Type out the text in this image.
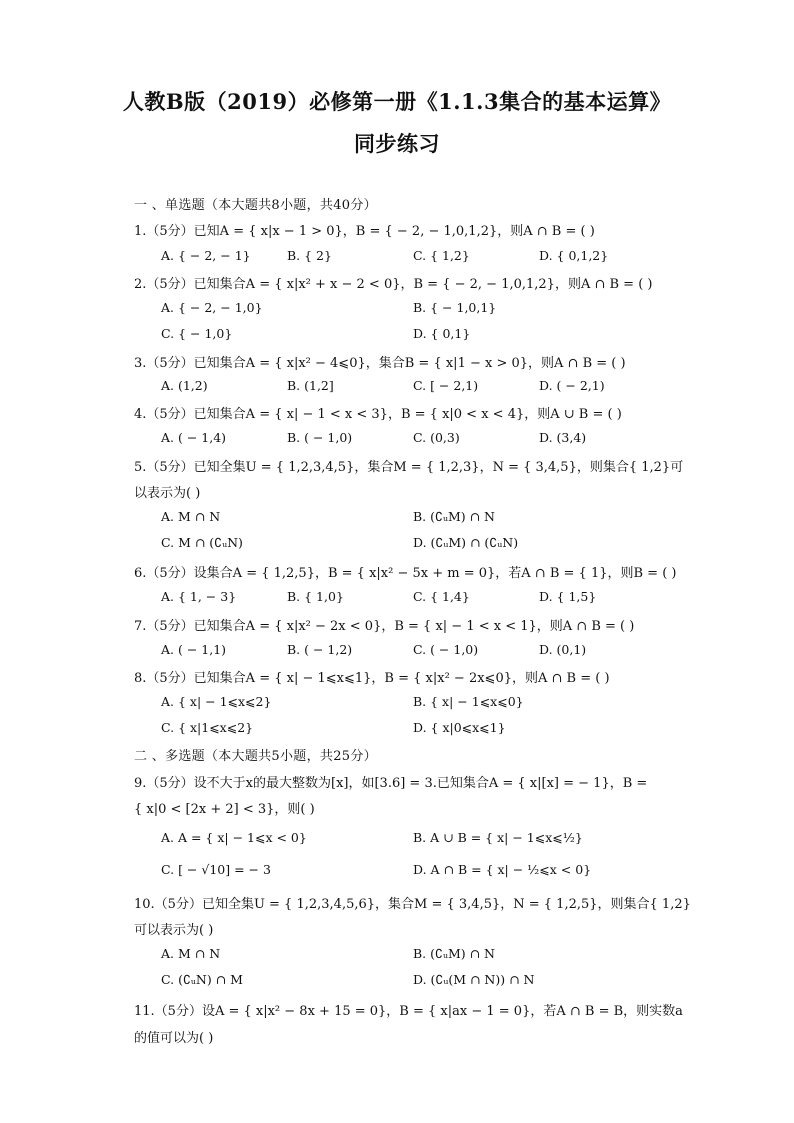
人教B版（2019）必修第一册《1.1.3集合的基本运算》
同步练习
一 、单选题（本大题共8小题，共40分）
1.（5分）已知A = { x|x − 1 > 0}，B = { − 2, − 1,0,1,2}，则A ∩ B = ( )
A. { − 2, − 1}	B. { 2}	C. { 1,2}	D. { 0,1,2}
2.（5分）已知集合A = { x|x² + x − 2 < 0}，B = { − 2, − 1,0,1,2}，则A ∩ B = ( )
A. { − 2, − 1,0}	B. { − 1,0,1}
C. { − 1,0}	D. { 0,1}
3.（5分）已知集合A = { x|x² − 4⩽0}，集合B = { x|1 − x > 0}，则A ∩ B = ( )
A. (1,2)	B. (1,2]	C. [ − 2,1)	D. ( − 2,1)
4.（5分）已知集合A = { x| − 1 < x < 3}，B = { x|0 < x < 4}，则A ∪ B = ( )
A. ( − 1,4)	B. ( − 1,0)	C. (0,3)	D. (3,4)
5.（5分）已知全集U = { 1,2,3,4,5}，集合M = { 1,2,3}，N = { 3,4,5}，则集合{ 1,2}可
以表示为( )
A. M ∩ N	B. (∁ᵤM) ∩ N
C. M ∩ (∁ᵤN)	D. (∁ᵤM) ∩ (∁ᵤN)
6.（5分）设集合A = { 1,2,5}，B = { x|x² − 5x + m = 0}，若A ∩ B = { 1}，则B = ( )
A. { 1, − 3}	B. { 1,0}	C. { 1,4}	D. { 1,5}
7.（5分）已知集合A = { x|x² − 2x < 0}，B = { x| − 1 < x < 1}，则A ∩ B = ( )
A. ( − 1,1)	B. ( − 1,2)	C. ( − 1,0)	D. (0,1)
8.（5分）已知集合A = { x| − 1⩽x⩽1}，B = { x|x² − 2x⩽0}，则A ∩ B = ( )
A. { x| − 1⩽x⩽2}	B. { x| − 1⩽x⩽0}
C. { x|1⩽x⩽2}	D. { x|0⩽x⩽1}
二 、多选题（本大题共5小题，共25分）
9.（5分）设不大于x的最大整数为[x]，如[3.6] = 3.已知集合A = { x|[x] = − 1}，B =
{ x|0 < [2x + 2] < 3}，则( )
A. A = { x| − 1⩽x < 0}	B. A ∪ B = { x| − 1⩽x⩽½}
C. [ − √10] = − 3	D. A ∩ B = { x| − ½⩽x < 0}
10.（5分）已知全集U = { 1,2,3,4,5,6}，集合M = { 3,4,5}，N = { 1,2,5}，则集合{ 1,2}
可以表示为( )
A. M ∩ N	B. (∁ᵤM) ∩ N
C. (∁ᵤN) ∩ M	D. (∁ᵤ(M ∩ N)) ∩ N
11.（5分）设A = { x|x² − 8x + 15 = 0}，B = { x|ax − 1 = 0}，若A ∩ B = B，则实数a
的值可以为( )
